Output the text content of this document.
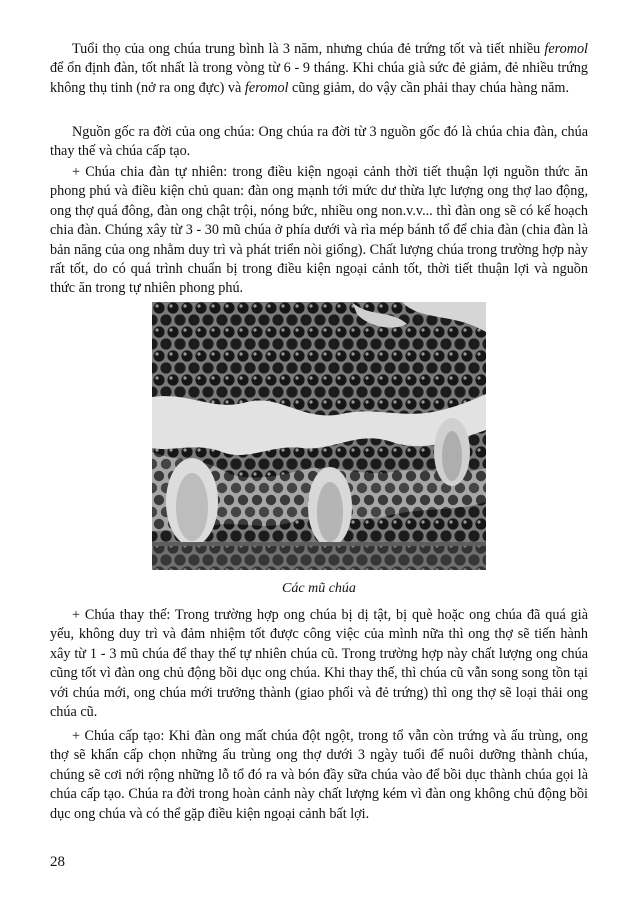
Tuổi thọ của ong chúa trung bình là 3 năm, nhưng chúa đẻ trứng tốt và tiết nhiều feromol để ổn định đàn, tốt nhất là trong vòng từ 6 - 9 tháng. Khi chúa già sức đẻ giảm, đẻ nhiều trứng không thụ tinh (nở ra ong đực) và feromol cũng giảm, do vậy cần phải thay chúa hàng năm.

Nguồn gốc ra đời của ong chúa: Ong chúa ra đời từ 3 nguồn gốc đó là chúa chia đàn, chúa thay thế và chúa cấp tạo.

+ Chúa chia đàn tự nhiên: trong điều kiện ngoại cảnh thời tiết thuận lợi nguồn thức ăn phong phú và điều kiện chủ quan: đàn ong mạnh tới mức dư thừa lực lượng ong thợ lao động, ong thợ quá đông, đàn ong chật trội, nóng bức, nhiều ong non.v.v... thì đàn ong sẽ có kế hoạch chia đàn. Chúng xây từ 3 - 30 mũ chúa ở phía dưới và rìa mép bánh tổ để chia đàn (chia đàn là bản năng của ong nhằm duy trì và phát triển nòi giống). Chất lượng chúa trong trường hợp này rất tốt, do có quá trình chuẩn bị trong điều kiện ngoại cảnh tốt, thời tiết thuận lợi và nguồn thức ăn trong tự nhiên phong phú.

Các mũ chúa

+ Chúa thay thế: Trong trường hợp ong chúa bị dị tật, bị què hoặc ong chúa đã quá già yếu, không duy trì và đảm nhiệm tốt được công việc của mình nữa thì ong thợ sẽ tiến hành xây từ 1 - 3 mũ chúa để thay thế tự nhiên chúa cũ. Trong trường hợp này chất lượng ong chúa cũng tốt vì đàn ong chủ động bồi dục ong chúa. Khi thay thế, thì chúa cũ vẫn song song tồn tại với chúa mới, ong chúa mới trưởng thành (giao phối và đẻ trứng) thì ong thợ sẽ loại thải ong chúa cũ.

+ Chúa cấp tạo: Khi đàn ong mất chúa đột ngột, trong tổ vẫn còn trứng và ấu trùng, ong thợ sẽ khẩn cấp chọn những ấu trùng ong thợ dưới 3 ngày tuổi để nuôi dưỡng thành chúa, chúng sẽ cơi nới rộng những lỗ tổ đó ra và bón đầy sữa chúa vào để bồi dục thành chúa gọi là chúa cấp tạo. Chúa ra đời trong hoàn cảnh này chất lượng kém vì đàn ong không chủ động bồi dục ong chúa và có thể gặp điều kiện ngoại cảnh bất lợi.

28
